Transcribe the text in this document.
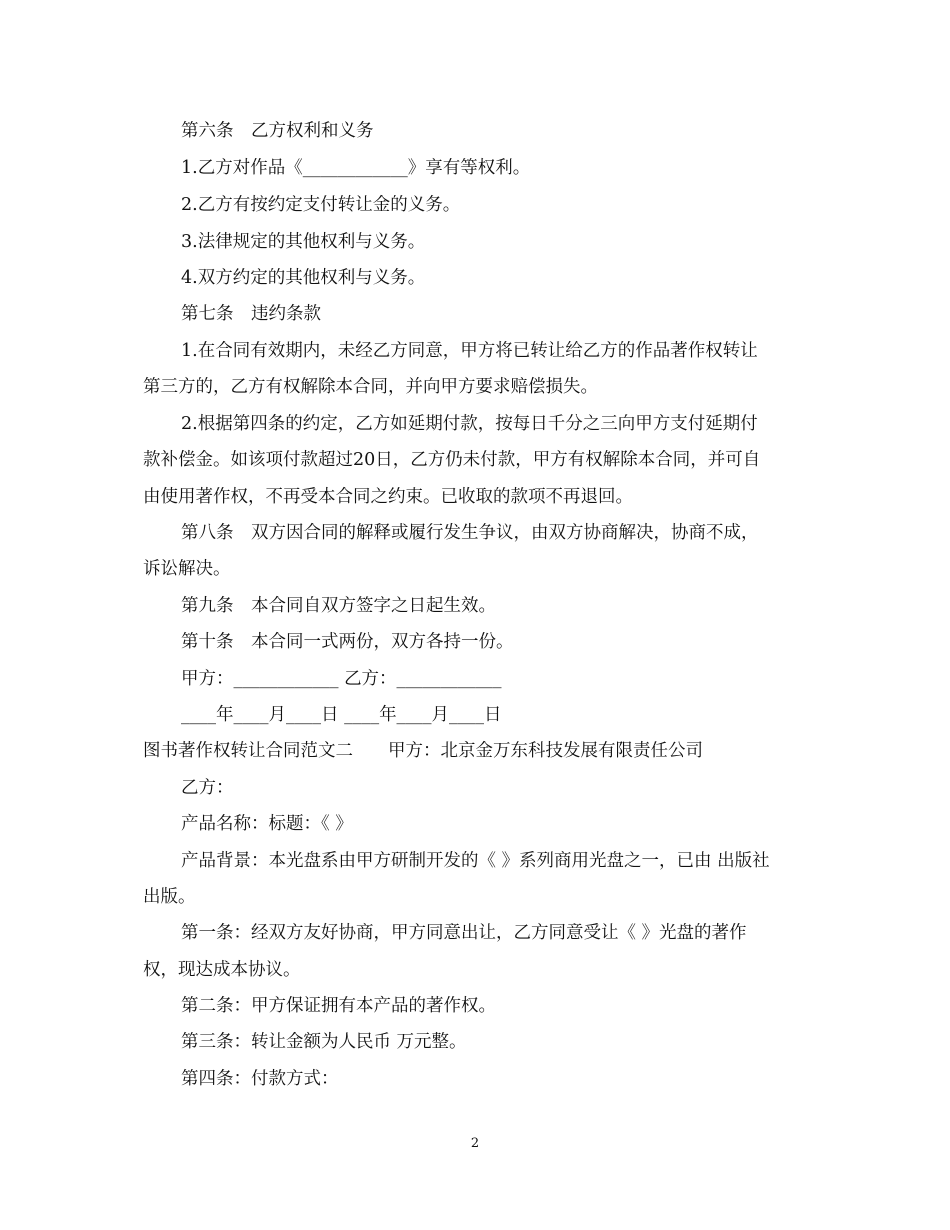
第六条　乙方权利和义务
1.乙方对作品《____________》享有等权利。
2.乙方有按约定支付转让金的义务。
3.法律规定的其他权利与义务。
4.双方约定的其他权利与义务。
第七条　违约条款
1.在合同有效期内，未经乙方同意，甲方将已转让给乙方的作品著作权转让
第三方的，乙方有权解除本合同，并向甲方要求赔偿损失。
2.根据第四条的约定，乙方如延期付款，按每日千分之三向甲方支付延期付
款补偿金。如该项付款超过20日，乙方仍未付款，甲方有权解除本合同，并可自
由使用著作权，不再受本合同之约束。已收取的款项不再退回。
第八条　双方因合同的解释或履行发生争议，由双方协商解决，协商不成，
诉讼解决。
第九条　本合同自双方签字之日起生效。
第十条　本合同一式两份，双方各持一份。
甲方：____________ 乙方：____________
____年____月____日 ____年____月____日
图书著作权转让合同范文二　　甲方：北京金万东科技发展有限责任公司
乙方：
产品名称：标题：《 》
产品背景：本光盘系由甲方研制开发的《 》系列商用光盘之一，已由 出版社
出版。
第一条：经双方友好协商，甲方同意出让，乙方同意受让《 》光盘的著作
权，现达成本协议。
第二条：甲方保证拥有本产品的著作权。
第三条：转让金额为人民币 万元整。
第四条：付款方式：
2
